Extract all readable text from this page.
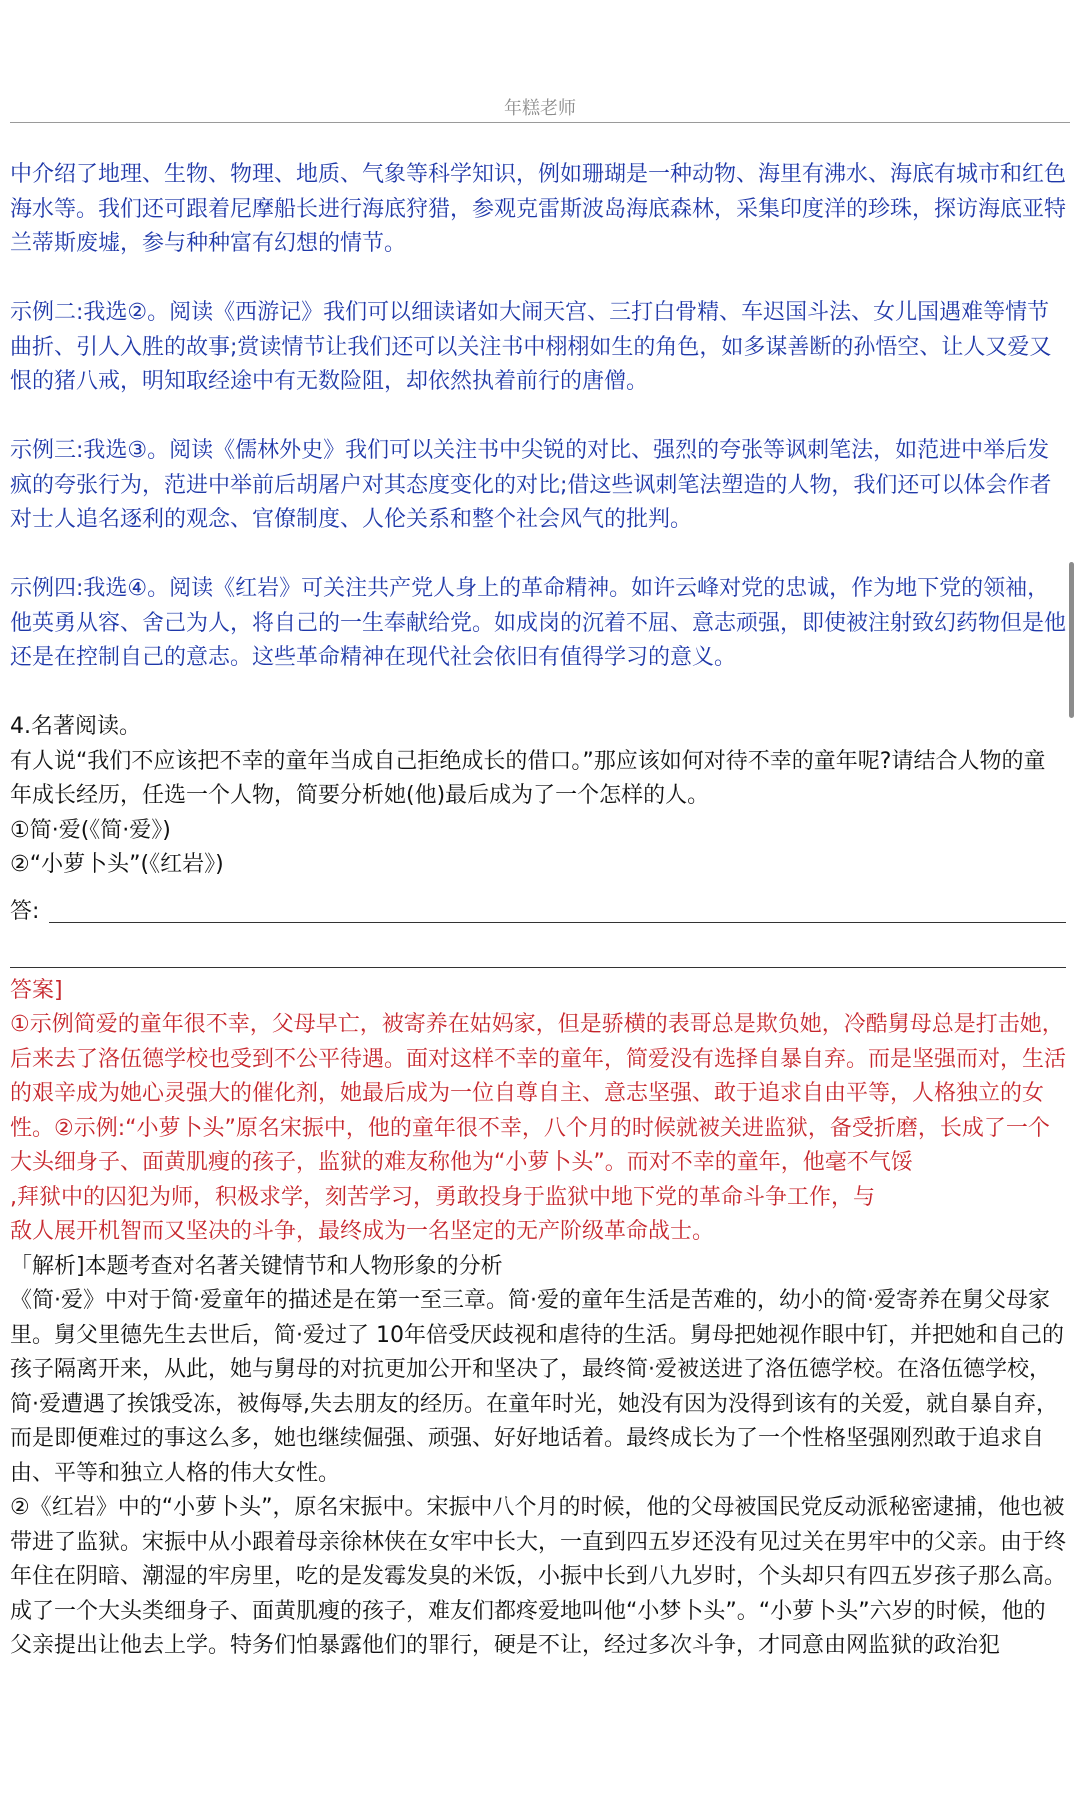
年糕老师

中介绍了地理、生物、物理、地质、气象等科学知识，例如珊瑚是一种动物、海里有沸水、海底有城市和红色海水等。我们还可跟着尼摩船长进行海底狩猎，参观克雷斯波岛海底森林，采集印度洋的珍珠，探访海底亚特兰蒂斯废墟，参与种种富有幻想的情节。

示例二:我选②。阅读《西游记》我们可以细读诸如大闹天宫、三打白骨精、车迟国斗法、女儿国遇难等情节曲折、引人入胜的故事;赏读情节让我们还可以关注书中栩栩如生的角色，如多谋善断的孙悟空、让人又爱又恨的猪八戒，明知取经途中有无数险阻，却依然执着前行的唐僧。

示例三:我选③。阅读《儒林外史》我们可以关注书中尖锐的对比、强烈的夸张等讽刺笔法，如范进中举后发疯的夸张行为，范进中举前后胡屠户对其态度变化的对比;借这些讽刺笔法塑造的人物，我们还可以体会作者对士人追名逐利的观念、官僚制度、人伦关系和整个社会风气的批判。

示例四:我选④。阅读《红岩》可关注共产党人身上的革命精神。如许云峰对党的忠诚，作为地下党的领袖，他英勇从容、舍己为人，将自己的一生奉献给党。如成岗的沉着不屈、意志顽强，即使被注射致幻药物但是他还是在控制自己的意志。这些革命精神在现代社会依旧有值得学习的意义。

4.名著阅读。

有人说“我们不应该把不幸的童年当成自己拒绝成长的借口。”那应该如何对待不幸的童年呢?请结合人物的童年成长经历，任选一个人物，简要分析她(他)最后成为了一个怎样的人。

①简·爱(《简·爱》)

②“小萝卜头”(《红岩》)

答:

答案]

①示例简爱的童年很不幸，父母早亡，被寄养在姑妈家，但是骄横的表哥总是欺负她，冷酷舅母总是打击她，后来去了洛伍德学校也受到不公平待遇。面对这样不幸的童年，简爱没有选择自暴自弃。而是坚强而对，生活的艰辛成为她心灵强大的催化剂，她最后成为一位自尊自主、意志坚强、敢于追求自由平等，人格独立的女性。②示例:“小萝卜头”原名宋振中，他的童年很不幸，八个月的时候就被关进监狱，备受折磨，长成了一个大头细身子、面黄肌瘦的孩子，监狱的难友称他为“小萝卜头”。而对不幸的童年，他毫不气馁

,拜狱中的囚犯为师，积极求学，刻苦学习，勇敢投身于监狱中地下党的革命斗争工作，与

敌人展开机智而又坚决的斗争，最终成为一名坚定的无产阶级革命战士。

「解析]本题考查对名著关键情节和人物形象的分析

《简·爱》中对于简·爱童年的描述是在第一至三章。简·爱的童年生活是苦难的，幼小的简·爱寄养在舅父母家里。舅父里德先生去世后，简·爱过了 10年倍受厌歧视和虐待的生活。舅母把她视作眼中钉，并把她和自己的孩子隔离开来，从此，她与舅母的对抗更加公开和坚决了，最终简·爱被送进了洛伍德学校。在洛伍德学校，简·爱遭遇了挨饿受冻，被侮辱,失去朋友的经历。在童年时光，她没有因为没得到该有的关爱，就自暴自弃，而是即便难过的事这么多，她也继续倔强、顽强、好好地话着。最终成长为了一个性格坚强刚烈敢于追求自由、平等和独立人格的伟大女性。

②《红岩》中的“小萝卜头”，原名宋振中。宋振中八个月的时候，他的父母被国民党反动派秘密逮捕，他也被带进了监狱。宋振中从小跟着母亲徐林侠在女牢中长大，一直到四五岁还没有见过关在男牢中的父亲。由于终年住在阴暗、潮湿的牢房里，吃的是发霉发臭的米饭，小振中长到八九岁时，个头却只有四五岁孩子那么高。成了一个大头类细身子、面黄肌瘦的孩子，难友们都疼爱地叫他“小梦卜头”。“小萝卜头”六岁的时候，他的父亲提出让他去上学。特务们怕暴露他们的罪行，硬是不让，经过多次斗争，才同意由网监狱的政治犯
